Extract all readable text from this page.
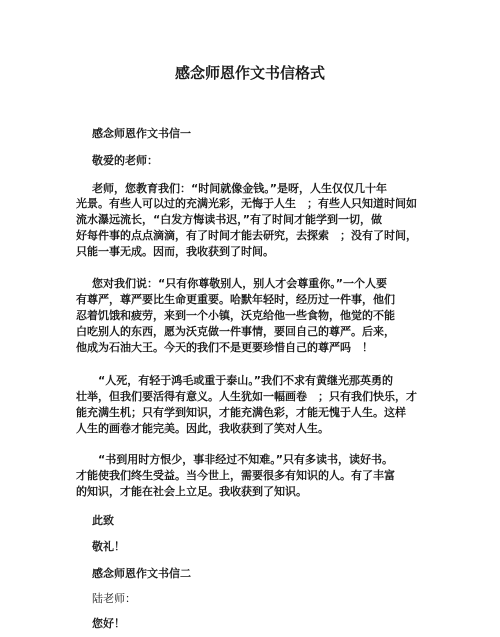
感念师恩作文书信格式

感念师恩作文书信一

敬爱的老师：

老师，您教育我们：“时间就像金钱。”是呀，人生仅仅几十年

光景。有些人可以过的充满光彩，无悔于人生　；有些人只知道时间如

流水瀑远流长，“白发方悔读书迟，”有了时间才能学到一切，做

好每件事的点点滴滴，有了时间才能去研究，去探索　；没有了时间，

只能一事无成。因而，我收获到了时间。

您对我们说：“只有你尊敬别人，别人才会尊重你。”一个人要

有尊严，尊严要比生命更重要。哈默年轻时，经历过一件事，他们

忍着饥饿和疲劳，来到一个小镇，沃克给他一些食物，他觉的不能

白吃别人的东西，愿为沃克做一件事情，要回自己的尊严。后来，

他成为石油大王。今天的我们不是更要珍惜自己的尊严吗　！

“人死，有轻于鸿毛或重于泰山。”我们不求有黄继光那英勇的

壮举，但我们要活得有意义。人生犹如一幅画卷　；只有我们快乐，才

能充满生机；只有学到知识，才能充满色彩，才能无愧于人生。这样

人生的画卷才能完美。因此，我收获到了笑对人生。

“书到用时方恨少，事非经过不知难。”只有多读书，读好书。

才能使我们终生受益。当今世上，需要很多有知识的人。有了丰富

的知识，才能在社会上立足。我收获到了知识。

此致

敬礼！

感念师恩作文书信二

陆老师：

您好！
